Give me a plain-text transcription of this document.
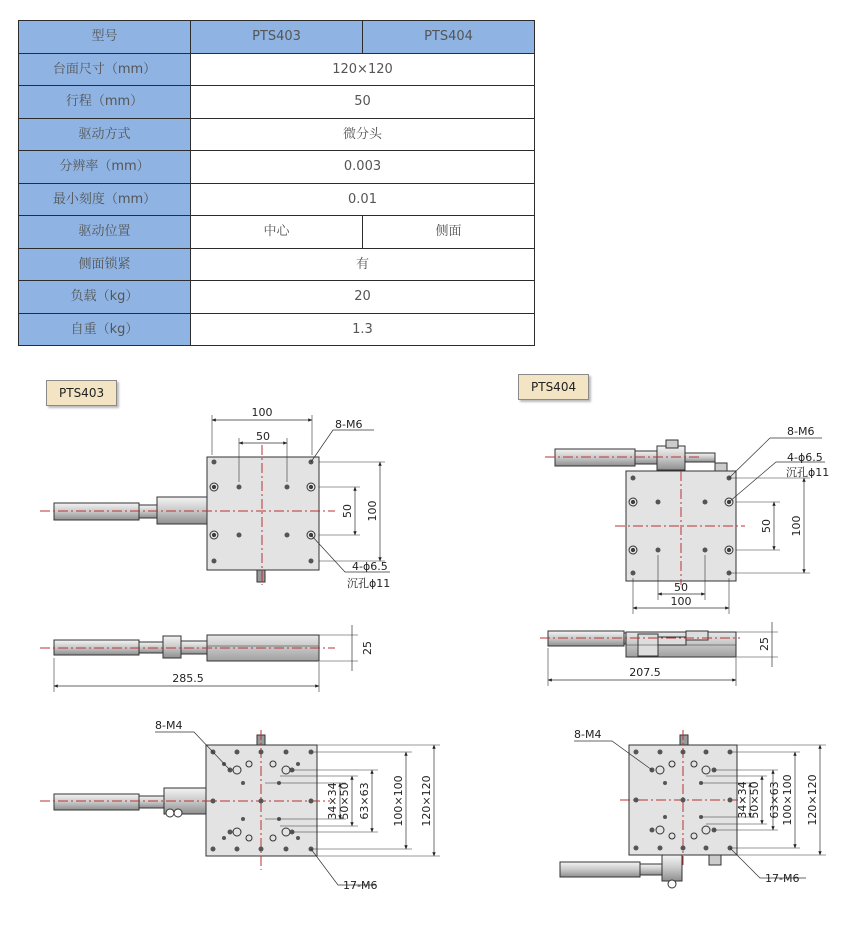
型号	PTS403	PTS404
台面尺寸（mm）	120×120	
行程（mm）	50	
驱动方式	微分头	
分辨率（mm）	0.003	
最小刻度（mm）	0.01	
驱动位置	中心	侧面
侧面锁紧	有	
负载（kg）	20	
自重（kg）	1.3	
PTS403	PTS404
100
50
8-M6
50 100
4-ϕ6.5
沉孔ϕ11
285.5
25
8-M4
17-M6
34×34 50×50 63×63 100×100 120×120
8-M6
4-ϕ6.5
沉孔ϕ11
50 100
50
100
207.5
25
8-M4
17-M6
34×34 50×50 63×63 100×100 120×120
